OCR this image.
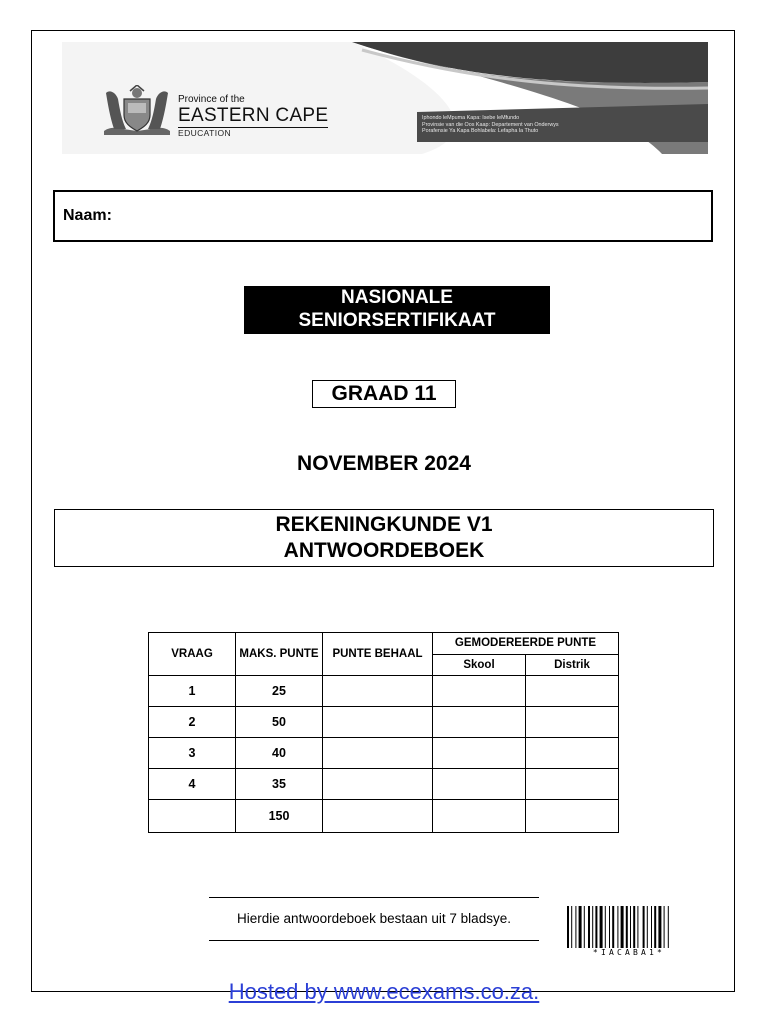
Province of the
EASTERN CAPE
EDUCATION
Iphondo leMpuma Kapa: Isebe leMfundo
Provinsie van die Oos Kaap: Departement van Onderwys
Porafensie Ya Kapa Bohlabela: Lefapha la Thuto
Naam:
NASIONALE
SENIORSERTIFIKAAT
GRAAD 11
NOVEMBER 2024
REKENINGKUNDE V1
ANTWOORDEBOEK
VRAAG	MAKS. PUNTE	PUNTE BEHAAL	GEMODEREERDE PUNTE	
			Skool	Distrik
1	25			
2	50			
3	40			
4	35			
	150			
Hierdie antwoordeboek bestaan uit 7 bladsye.
*IACABA1*
Hosted by www.ecexams.co.za.
